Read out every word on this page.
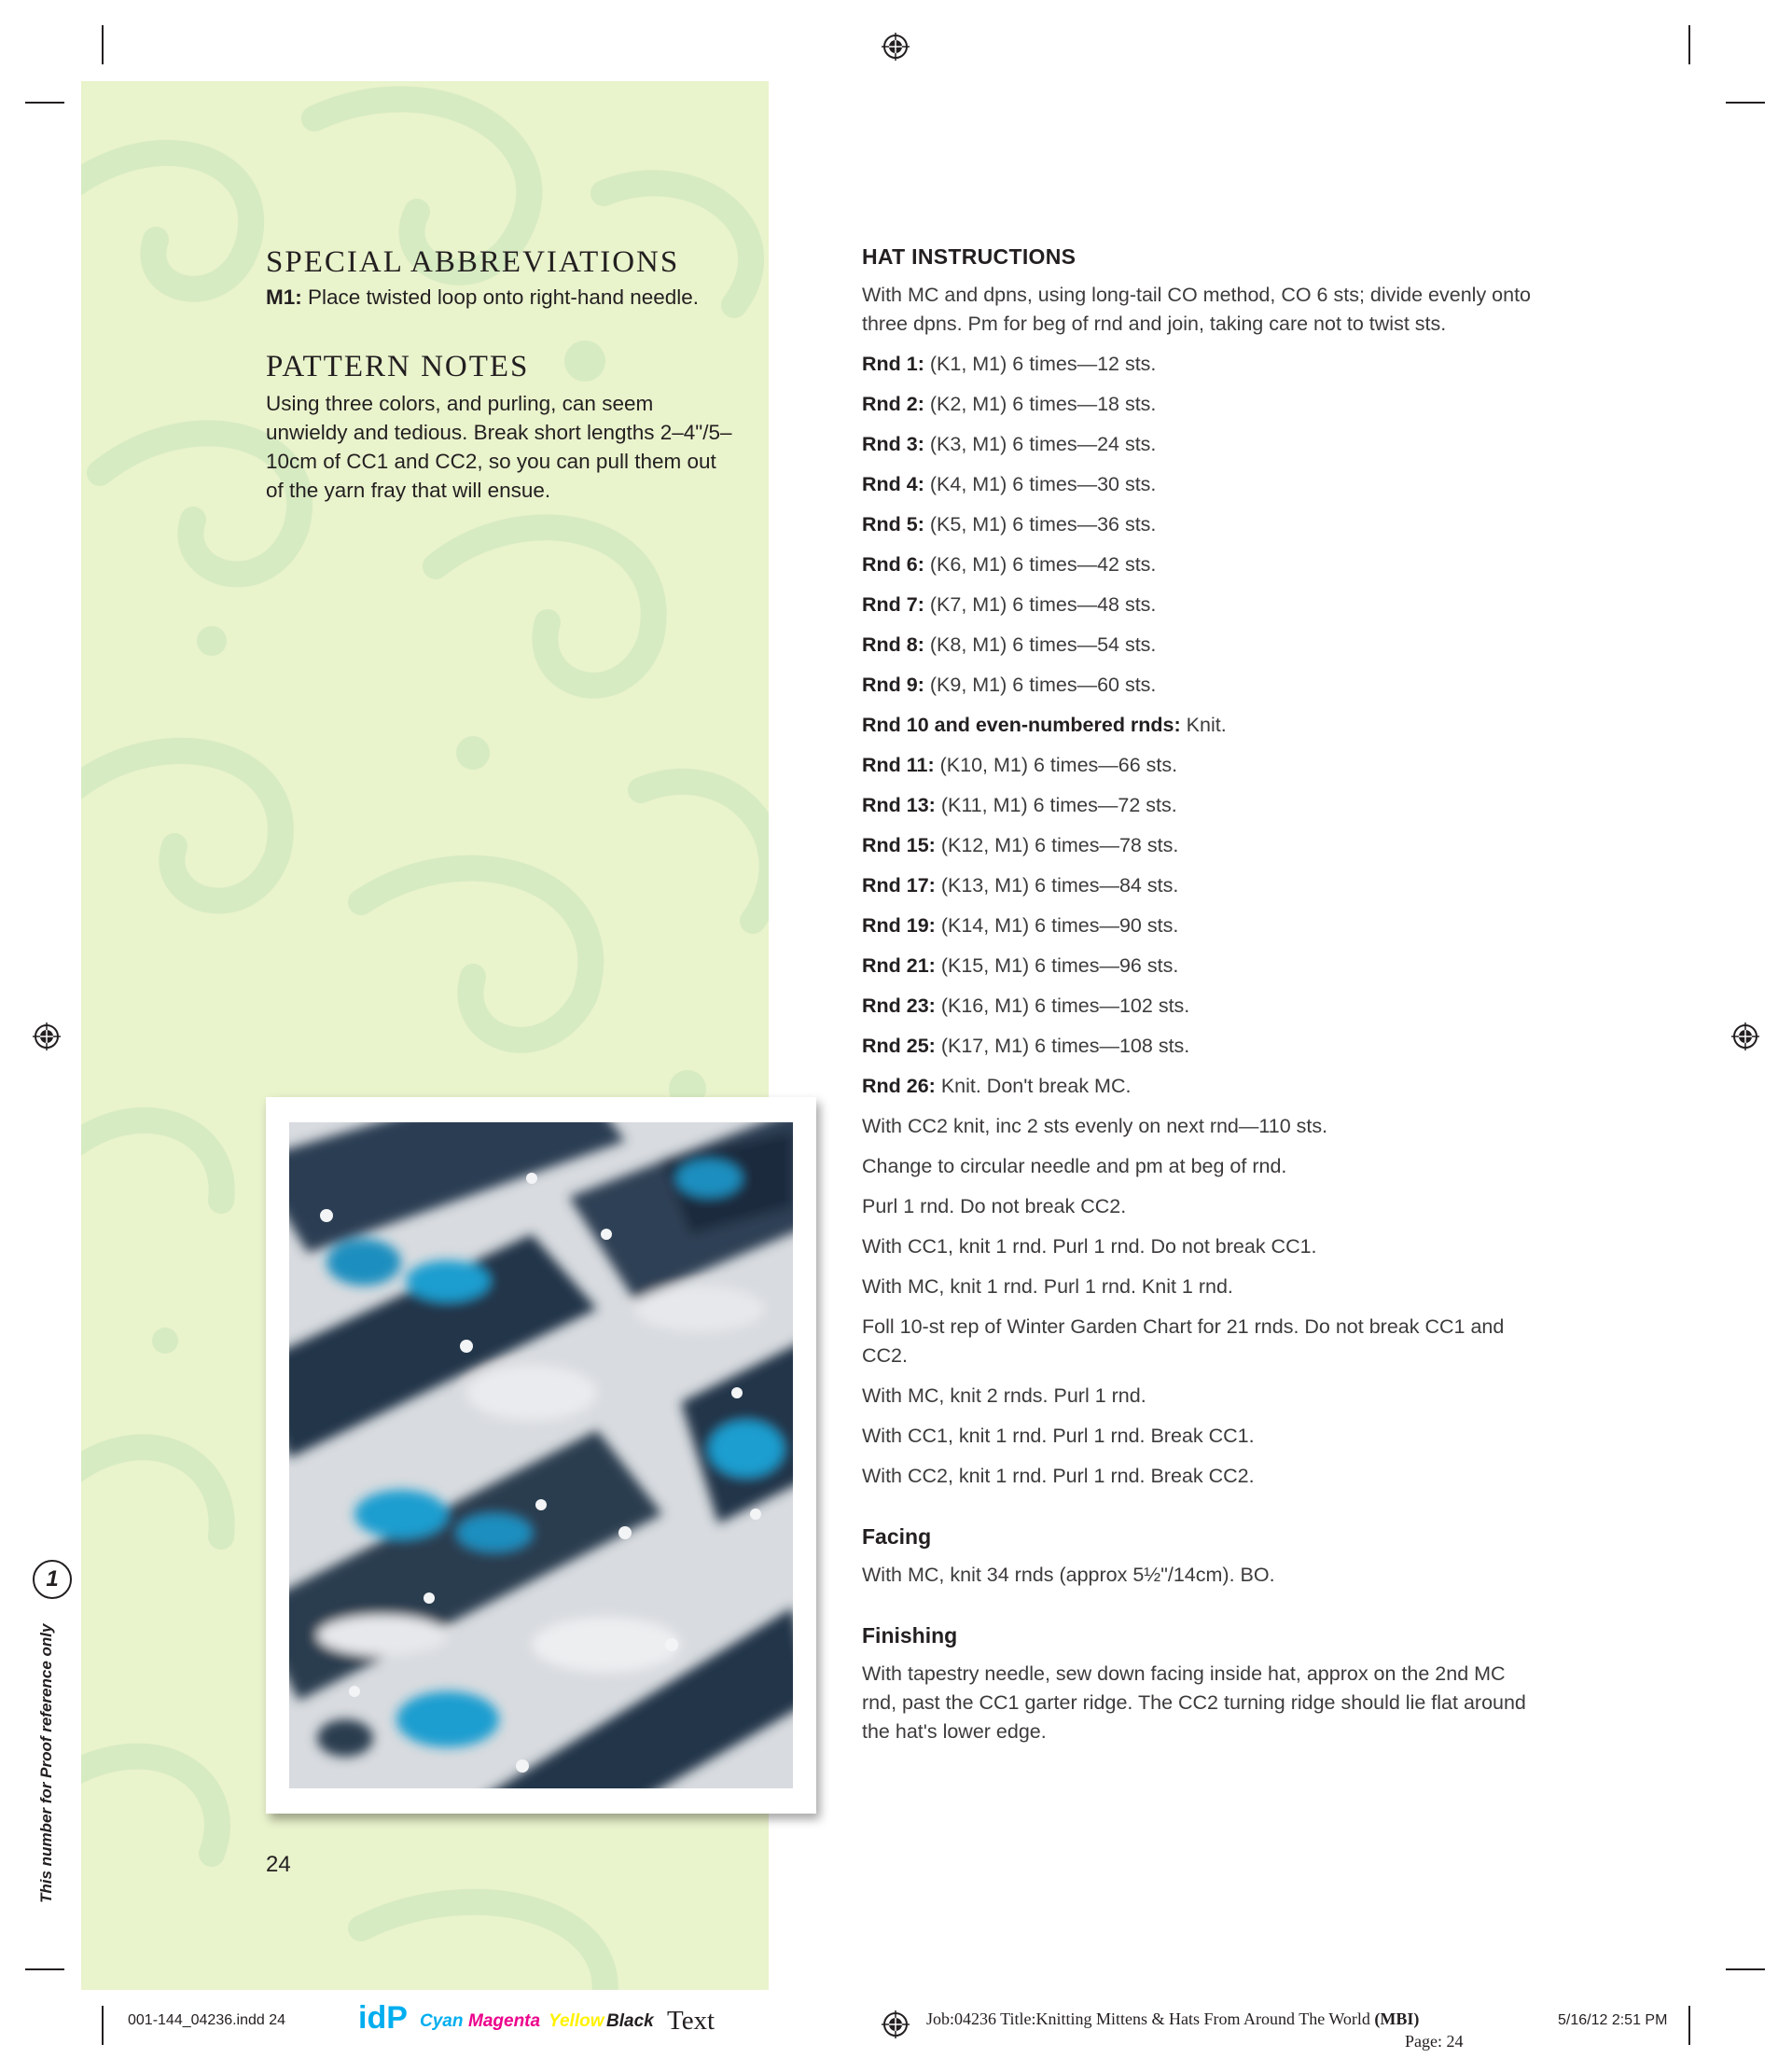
SPECIAL ABBREVIATIONS
M1: Place twisted loop onto right-hand needle.
PATTERN NOTES
Using three colors, and purling, can seem unwieldy and tedious. Break short lengths 2–4"/5–10cm of CC1 and CC2, so you can pull them out of the yarn fray that will ensue.
24
HAT INSTRUCTIONS

With MC and dpns, using long-tail CO method, CO 6 sts; divide evenly onto three dpns. Pm for beg of rnd and join, taking care not to twist sts.

Rnd 1: (K1, M1) 6 times—12 sts.

Rnd 2: (K2, M1) 6 times—18 sts.

Rnd 3: (K3, M1) 6 times—24 sts.

Rnd 4: (K4, M1) 6 times—30 sts.

Rnd 5: (K5, M1) 6 times—36 sts.

Rnd 6: (K6, M1) 6 times—42 sts.

Rnd 7: (K7, M1) 6 times—48 sts.

Rnd 8: (K8, M1) 6 times—54 sts.

Rnd 9: (K9, M1) 6 times—60 sts.

Rnd 10 and even-numbered rnds: Knit.

Rnd 11: (K10, M1) 6 times—66 sts.

Rnd 13: (K11, M1) 6 times—72 sts.

Rnd 15: (K12, M1) 6 times—78 sts.

Rnd 17: (K13, M1) 6 times—84 sts.

Rnd 19: (K14, M1) 6 times—90 sts.

Rnd 21: (K15, M1) 6 times—96 sts.

Rnd 23: (K16, M1) 6 times—102 sts.

Rnd 25: (K17, M1) 6 times—108 sts.

Rnd 26: Knit. Don't break MC.

With CC2 knit, inc 2 sts evenly on next rnd—110 sts.

Change to circular needle and pm at beg of rnd.

Purl 1 rnd. Do not break CC2.

With CC1, knit 1 rnd. Purl 1 rnd. Do not break CC1.

With MC, knit 1 rnd. Purl 1 rnd. Knit 1 rnd.

Foll 10-st rep of Winter Garden Chart for 21 rnds. Do not break CC1 and CC2.

With MC, knit 2 rnds. Purl 1 rnd.

With CC1, knit 1 rnd. Purl 1 rnd. Break CC1.

With CC2, knit 1 rnd. Purl 1 rnd. Break CC2.

Facing

With MC, knit 34 rnds (approx 5½"/14cm). BO.

Finishing

With tapestry needle, sew down facing inside hat, approx on the 2nd MC rnd, past the CC1 garter ridge. The CC2 turning ridge should lie flat around the hat's lower edge.

1
This number for Proof reference only
001-144_04236.indd 24 idP Cyan Magenta Yellow Black Text	Job:04236 Title:Knitting Mittens & Hats From Around The World (MBI)
Page: 24
5/16/12 2:51 PM
